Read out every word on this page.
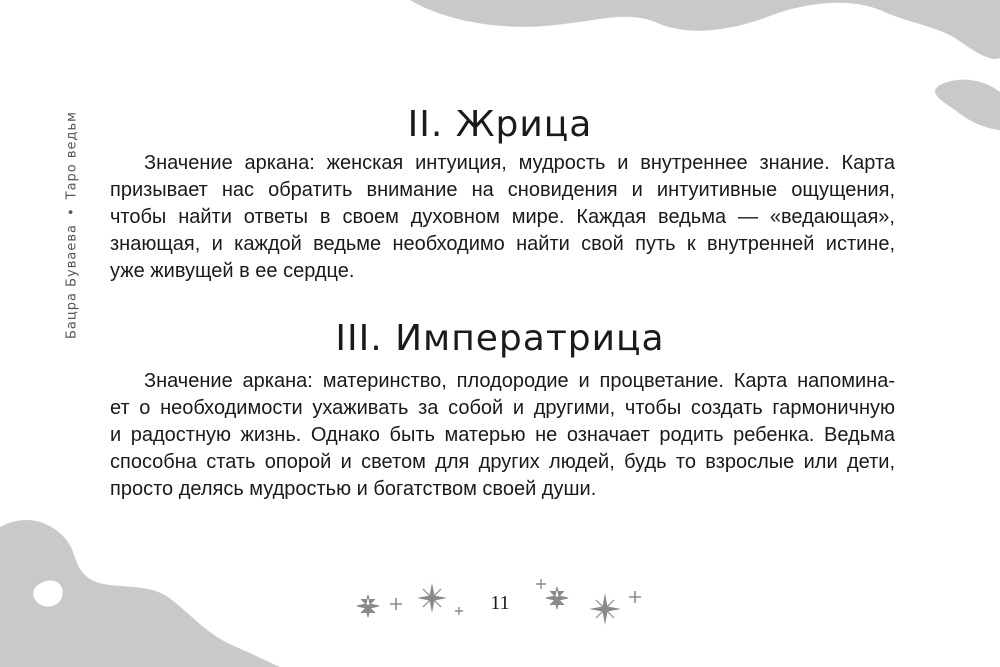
Бацра Буваева•Таро ведьм	II. Жрица

Значение аркана: женская интуиция, мудрость и внутреннее знание. Карта
призывает нас обратить внимание на сновидения и интуитивные ощущения,
чтобы найти ответы в своем духовном мире. Каждая ведьма — «ведающая»,
знающая, и каждой ведьме необходимо найти свой путь к внутренней истине,
уже живущей в ее сердце.

III. Императрица

Значение аркана: материнство, плодородие и процветание. Карта напомина-
ет о необходимости ухаживать за собой и другими, чтобы создать гармоничную
и радостную жизнь. Однако быть матерью не означает родить ребенка. Ведьма
способна стать опорой и светом для других людей, будь то взрослые или дети,
просто делясь мудростью и богатством своей души.

11
